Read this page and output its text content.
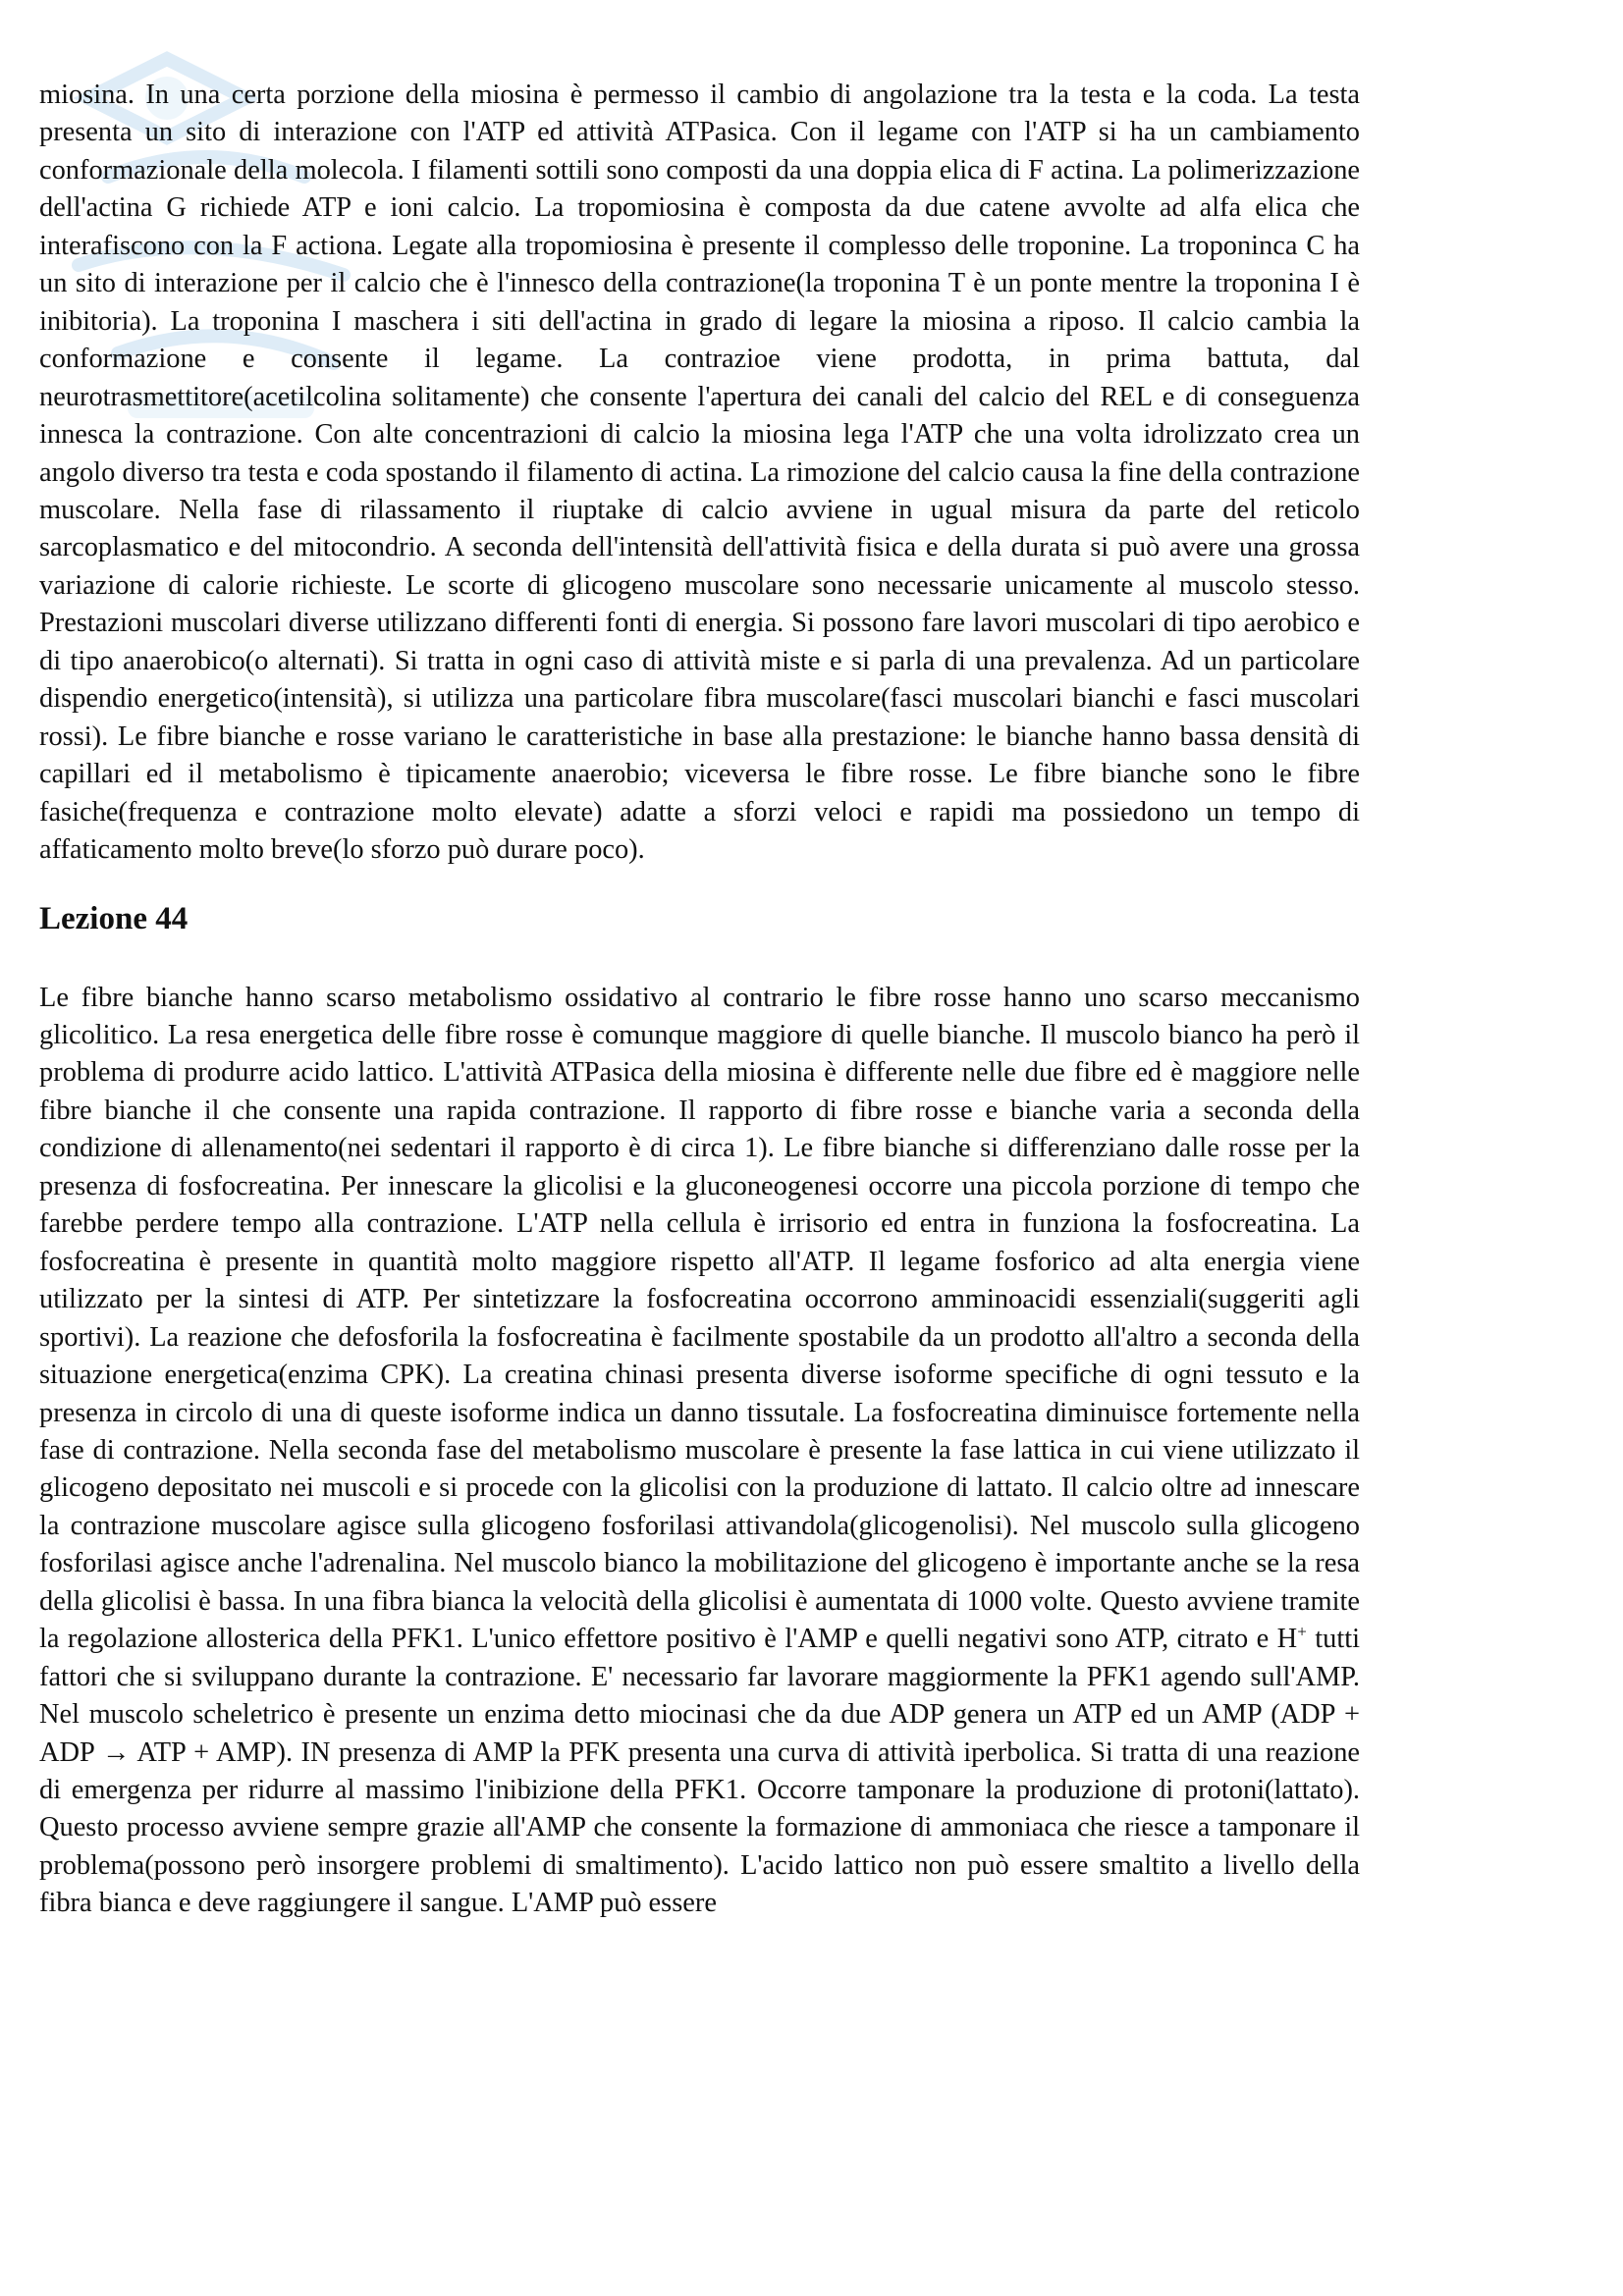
miosina. In una certa porzione della miosina è permesso il cambio di angolazione tra la testa e la coda. La testa presenta un sito di interazione con l'ATP ed attività ATPasica. Con il legame con l'ATP si ha un cambiamento conformazionale della molecola. I filamenti sottili sono composti da una doppia elica di F actina. La polimerizzazione dell'actina G richiede ATP e ioni calcio. La tropomiosina è composta da due catene avvolte ad alfa elica che interafiscono con la F actiona. Legate alla tropomiosina è presente il complesso delle troponine. La troponinca C ha un sito di interazione per il calcio che è l'innesco della contrazione(la troponina T è un ponte mentre la troponina I è inibitoria). La troponina I maschera i siti dell'actina in grado di legare la miosina a riposo. Il calcio cambia la conformazione e consente il legame. La contrazioe viene prodotta, in prima battuta, dal neurotrasmettitore(acetilcolina solitamente) che consente l'apertura dei canali del calcio del REL e di conseguenza innesca la contrazione. Con alte concentrazioni di calcio la miosina lega l'ATP che una volta idrolizzato crea un angolo diverso tra testa e coda spostando il filamento di actina. La rimozione del calcio causa la fine della contrazione muscolare. Nella fase di rilassamento il riuptake di calcio avviene in ugual misura da parte del reticolo sarcoplasmatico e del mitocondrio. A seconda dell'intensità dell'attività fisica e della durata si può avere una grossa variazione di calorie richieste. Le scorte di glicogeno muscolare sono necessarie unicamente al muscolo stesso. Prestazioni muscolari diverse utilizzano differenti fonti di energia. Si possono fare lavori muscolari di tipo aerobico e di tipo anaerobico(o alternati). Si tratta in ogni caso di attività miste e si parla di una prevalenza. Ad un particolare dispendio energetico(intensità), si utilizza una particolare fibra muscolare(fasci muscolari bianchi e fasci muscolari rossi). Le fibre bianche e rosse variano le caratteristiche in base alla prestazione: le bianche hanno bassa densità di capillari ed il metabolismo è tipicamente anaerobio; viceversa le fibre rosse. Le fibre bianche sono le fibre fasiche(frequenza e contrazione molto elevate) adatte a sforzi veloci e rapidi ma possiedono un tempo di affaticamento molto breve(lo sforzo può durare poco).

Lezione 44

Le fibre bianche hanno scarso metabolismo ossidativo al contrario le fibre rosse hanno uno scarso meccanismo glicolitico. La resa energetica delle fibre rosse è comunque maggiore di quelle bianche. Il muscolo bianco ha però il problema di produrre acido lattico. L'attività ATPasica della miosina è differente nelle due fibre ed è maggiore nelle fibre bianche il che consente una rapida contrazione. Il rapporto di fibre rosse e bianche varia a seconda della condizione di allenamento(nei sedentari il rapporto è di circa 1). Le fibre bianche si differenziano dalle rosse per la presenza di fosfocreatina. Per innescare la glicolisi e la gluconeogenesi occorre una piccola porzione di tempo che farebbe perdere tempo alla contrazione. L'ATP nella cellula è irrisorio ed entra in funziona la fosfocreatina. La fosfocreatina è presente in quantità molto maggiore rispetto all'ATP. Il legame fosforico ad alta energia viene utilizzato per la sintesi di ATP. Per sintetizzare la fosfocreatina occorrono amminoacidi essenziali(suggeriti agli sportivi). La reazione che defosforila la fosfocreatina è facilmente spostabile da un prodotto all'altro a seconda della situazione energetica(enzima CPK). La creatina chinasi presenta diverse isoforme specifiche di ogni tessuto e la presenza in circolo di una di queste isoforme indica un danno tissutale. La fosfocreatina diminuisce fortemente nella fase di contrazione. Nella seconda fase del metabolismo muscolare è presente la fase lattica in cui viene utilizzato il glicogeno depositato nei muscoli e si procede con la glicolisi con la produzione di lattato. Il calcio oltre ad innescare la contrazione muscolare agisce sulla glicogeno fosforilasi attivandola(glicogenolisi). Nel muscolo sulla glicogeno fosforilasi agisce anche l'adrenalina. Nel muscolo bianco la mobilitazione del glicogeno è importante anche se la resa della glicolisi è bassa. In una fibra bianca la velocità della glicolisi è aumentata di 1000 volte. Questo avviene tramite la regolazione allosterica della PFK1. L'unico effettore positivo è l'AMP e quelli negativi sono ATP, citrato e H+ tutti fattori che si sviluppano durante la contrazione. E' necessario far lavorare maggiormente la PFK1 agendo sull'AMP. Nel muscolo scheletrico è presente un enzima detto miocinasi che da due ADP genera un ATP ed un AMP (ADP + ADP → ATP + AMP). IN presenza di AMP la PFK presenta una curva di attività iperbolica. Si tratta di una reazione di emergenza per ridurre al massimo l'inibizione della PFK1. Occorre tamponare la produzione di protoni(lattato). Questo processo avviene sempre grazie all'AMP che consente la formazione di ammoniaca che riesce a tamponare il problema(possono però insorgere problemi di smaltimento). L'acido lattico non può essere smaltito a livello della fibra bianca e deve raggiungere il sangue. L'AMP può essere
